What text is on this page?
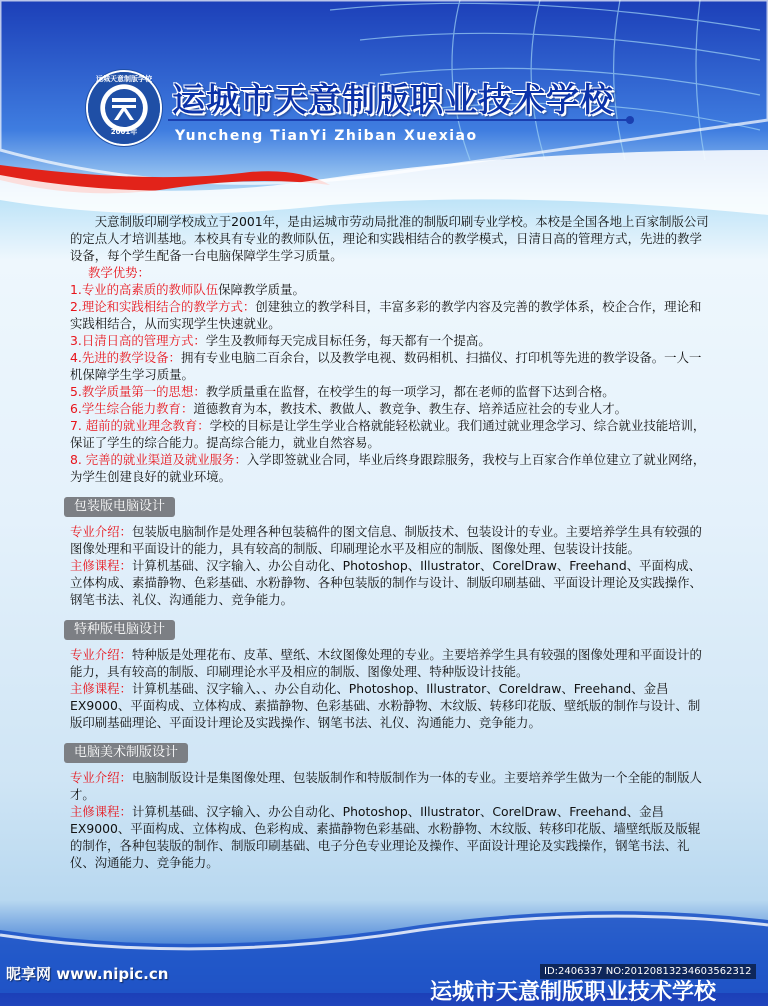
运城天意制版学校
2001年
运城市天意制版职业技术学校
Yuncheng TianYi Zhiban Xuexiao

天意制版印刷学校成立于2001年，是由运城市劳动局批准的制版印刷专业学校。本校是全国各地上百家制版公司的定点人才培训基地。本校具有专业的教师队伍，理论和实践相结合的教学模式，日清日高的管理方式，先进的教学设备，每个学生配备一台电脑保障学生学习质量。

教学优势：

1.专业的高素质的教师队伍保障教学质量。

2.理论和实践相结合的教学方式：创建独立的教学科目，丰富多彩的教学内容及完善的教学体系，校企合作，理论和实践相结合，从而实现学生快速就业。

3.日清日高的管理方式：学生及教师每天完成目标任务，每天都有一个提高。

4.先进的教学设备：拥有专业电脑二百余台，以及教学电视、数码相机、扫描仪、打印机等先进的教学设备。一人一机保障学生学习质量。

5.教学质量第一的思想：教学质量重在监督，在校学生的每一项学习，都在老师的监督下达到合格。

6.学生综合能力教育：道德教育为本，教技术、教做人、教竞争、教生存、培养适应社会的专业人才。

7. 超前的就业理念教育：学校的目标是让学生学业合格就能轻松就业。我们通过就业理念学习、综合就业技能培训，保证了学生的综合能力。提高综合能力，就业自然容易。

8. 完善的就业渠道及就业服务：入学即签就业合同，毕业后终身跟踪服务，我校与上百家合作单位建立了就业网络，为学生创建良好的就业环境。

包装版电脑设计

专业介绍：包装版电脑制作是处理各种包装稿件的图文信息、制版技术、包装设计的专业。主要培养学生具有较强的图像处理和平面设计的能力，具有较高的制版、印刷理论水平及相应的制版、图像处理、包装设计技能。

主修课程：计算机基础、汉字输入、办公自动化、Photoshop、Illustrator、CorelDraw、Freehand、平面构成、立体构成、素描静物、色彩基础、水粉静物、各种包装版的制作与设计、制版印刷基础、平面设计理论及实践操作、钢笔书法、礼仪、沟通能力、竞争能力。

特种版电脑设计

专业介绍：特种版是处理花布、皮革、壁纸、木纹图像处理的专业。主要培养学生具有较强的图像处理和平面设计的能力，具有较高的制版、印刷理论水平及相应的制版、图像处理、特种版设计技能。

主修课程：计算机基础、汉字输入、、办公自动化、Photoshop、Illustrator、Coreldraw、Freehand、金昌 EX9000、平面构成、立体构成、素描静物、色彩基础、水粉静物、木纹版、转移印花版、壁纸版的制作与设计、制版印刷基础理论、平面设计理论及实践操作、钢笔书法、礼仪、沟通能力、竞争能力。

电脑美术制版设计

专业介绍：电脑制版设计是集图像处理、包装版制作和特版制作为一体的专业。主要培养学生做为一个全能的制版人才。

主修课程：计算机基础、汉字输入、办公自动化、Photoshop、Illustrator、CorelDraw、Freehand、金昌 EX9000、平面构成、立体构成、色彩构成、素描静物色彩基础、水粉静物、木纹版、转移印花版、墙壁纸版及版辊的制作，各种包装版的制作、制版印刷基础、电子分色专业理论及操作、平面设计理论及实践操作，钢笔书法、礼仪、沟通能力、竞争能力。

运城市天意制版职业技术学校
昵享网 www.nipic.cn	ID:2406337 NO:20120813234603562312
